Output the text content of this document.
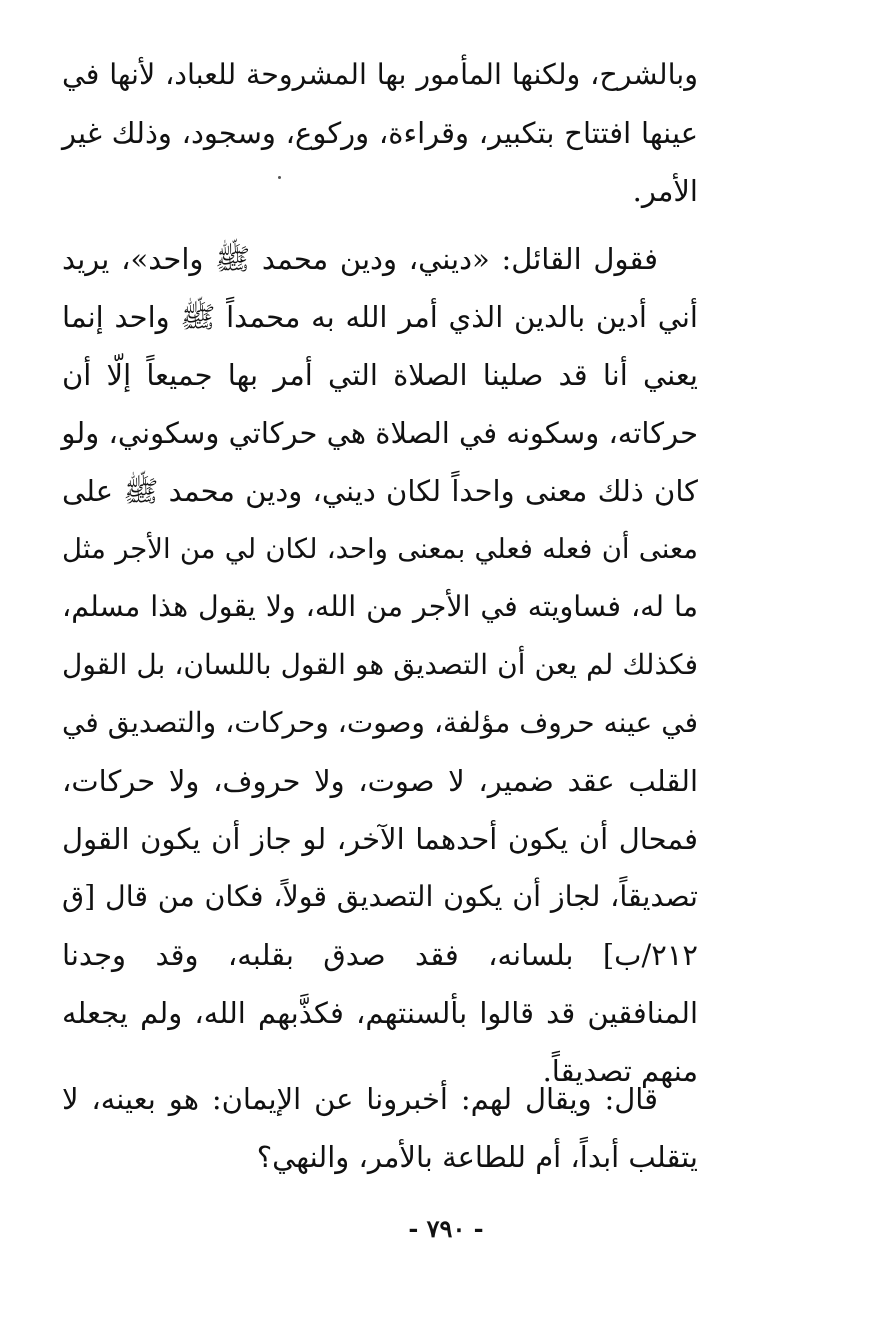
وبالشرح، ولكنها المأمور بها المشروحة للعباد، لأنها في
عينها افتتاح بتكبير، وقراءة، وركوع، وسجود، وذلك غير
الأمر.
فقول القائل: «ديني، ودين محمد ﷺ واحد»، يريد
أني أدين بالدين الذي أمر الله به محمداً ﷺ واحد إنما
يعني أنا قد صلينا الصلاة التي أمر بها جميعاً إلّا أن
حركاته، وسكونه في الصلاة هي حركاتي وسكوني، ولو
كان ذلك معنى واحداً لكان ديني، ودين محمد ﷺ على
معنى أن فعله فعلي بمعنى واحد، لكان لي من الأجر مثل
ما له، فساويته في الأجر من الله، ولا يقول هذا مسلم،
فكذلك لم يعن أن التصديق هو القول باللسان، بل القول
في عينه حروف مؤلفة، وصوت، وحركات، والتصديق في
القلب عقد ضمير، لا صوت، ولا حروف، ولا حركات،
فمحال أن يكون أحدهما الآخر، لو جاز أن يكون القول
تصديقاً، لجاز أن يكون التصديق قولاً، فكان من قال [ق
٢١٢/ب] بلسانه، فقد صدق بقلبه، وقد وجدنا
المنافقين قد قالوا بألسنتهم، فكذَّبهم الله، ولم يجعله
منهم تصديقاً.
قال: ويقال لهم: أخبرونا عن الإيمان: هو بعينه، لا
يتقلب أبداً، أم للطاعة بالأمر، والنهي؟
- ٧٩٠ -
